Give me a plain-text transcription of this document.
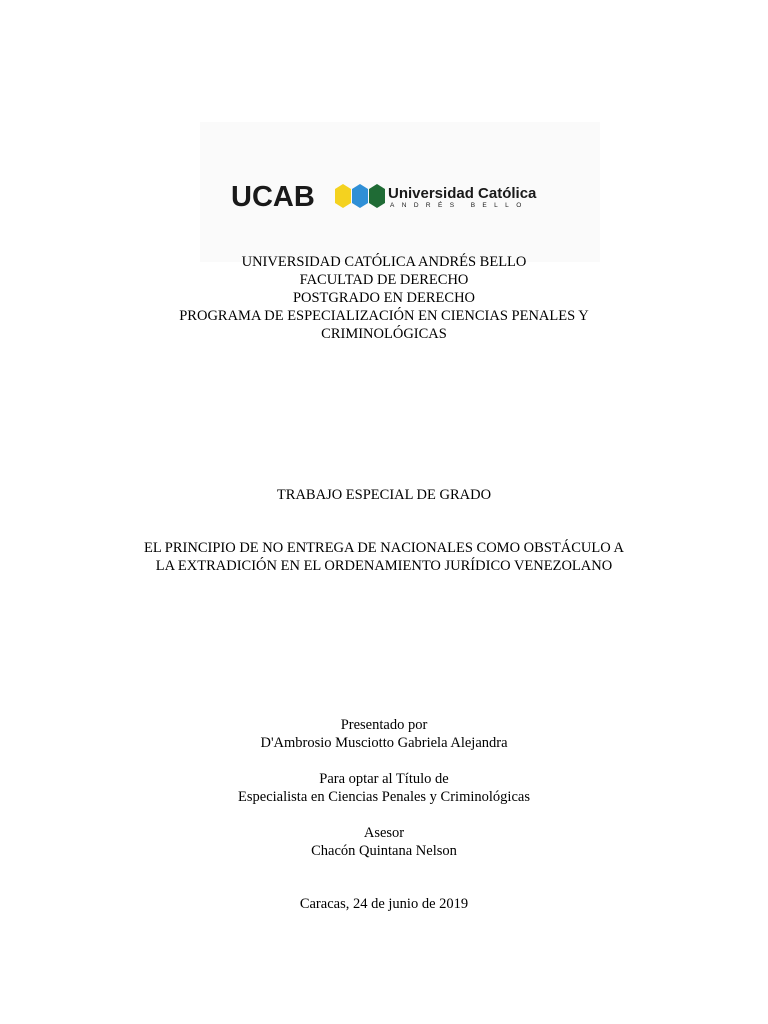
UCAB	Universidad Católica
ANDRÉS BELLO
UNIVERSIDAD CATÓLICA ANDRÉS BELLO
FACULTAD DE DERECHO
POSTGRADO EN DERECHO
PROGRAMA DE ESPECIALIZACIÓN EN CIENCIAS PENALES Y
CRIMINOLÓGICAS
TRABAJO ESPECIAL DE GRADO
EL PRINCIPIO DE NO ENTREGA DE NACIONALES COMO OBSTÁCULO A
LA EXTRADICIÓN EN EL ORDENAMIENTO JURÍDICO VENEZOLANO
Presentado por
D'Ambrosio Musciotto Gabriela Alejandra
Para optar al Título de
Especialista en Ciencias Penales y Criminológicas
Asesor
Chacón Quintana Nelson
Caracas, 24 de junio de 2019
